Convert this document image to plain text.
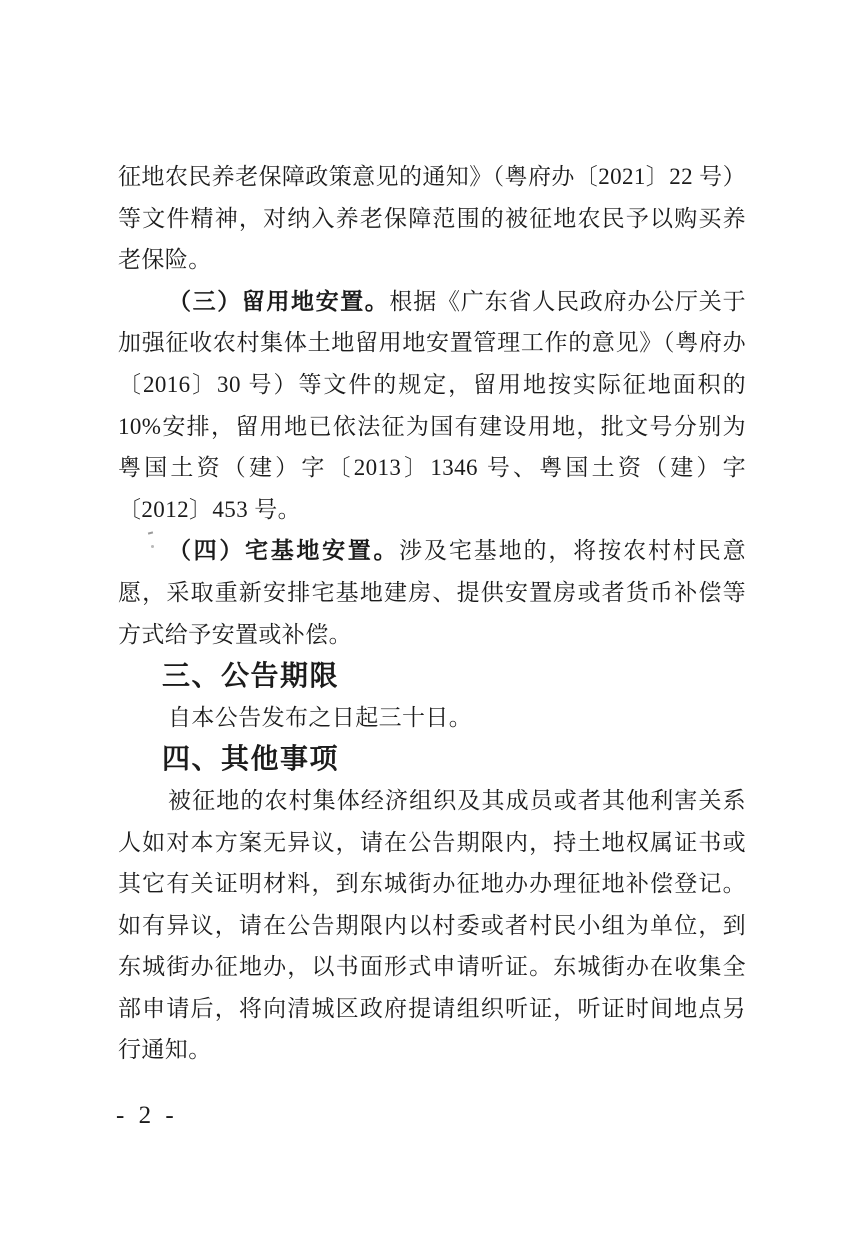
征地农民养老保障政策意见的通知》（粤府办〔2021〕22 号）等文件精神，对纳入养老保障范围的被征地农民予以购买养老保险。

（三）留用地安置。根据《广东省人民政府办公厅关于加强征收农村集体土地留用地安置管理工作的意见》（粤府办〔2016〕30 号）等文件的规定，留用地按实际征地面积的 10%安排，留用地已依法征为国有建设用地，批文号分别为粤国土资（建）字〔2013〕1346 号、粤国土资（建）字〔2012〕453 号。

（四）宅基地安置。涉及宅基地的，将按农村村民意愿，采取重新安排宅基地建房、提供安置房或者货币补偿等方式给予安置或补偿。

三、公告期限

自本公告发布之日起三十日。

四、其他事项

被征地的农村集体经济组织及其成员或者其他利害关系人如对本方案无异议，请在公告期限内，持土地权属证书或其它有关证明材料，到东城街办征地办办理征地补偿登记。如有异议，请在公告期限内以村委或者村民小组为单位，到东城街办征地办，以书面形式申请听证。东城街办在收集全部申请后，将向清城区政府提请组织听证，听证时间地点另行通知。

- 2 -
